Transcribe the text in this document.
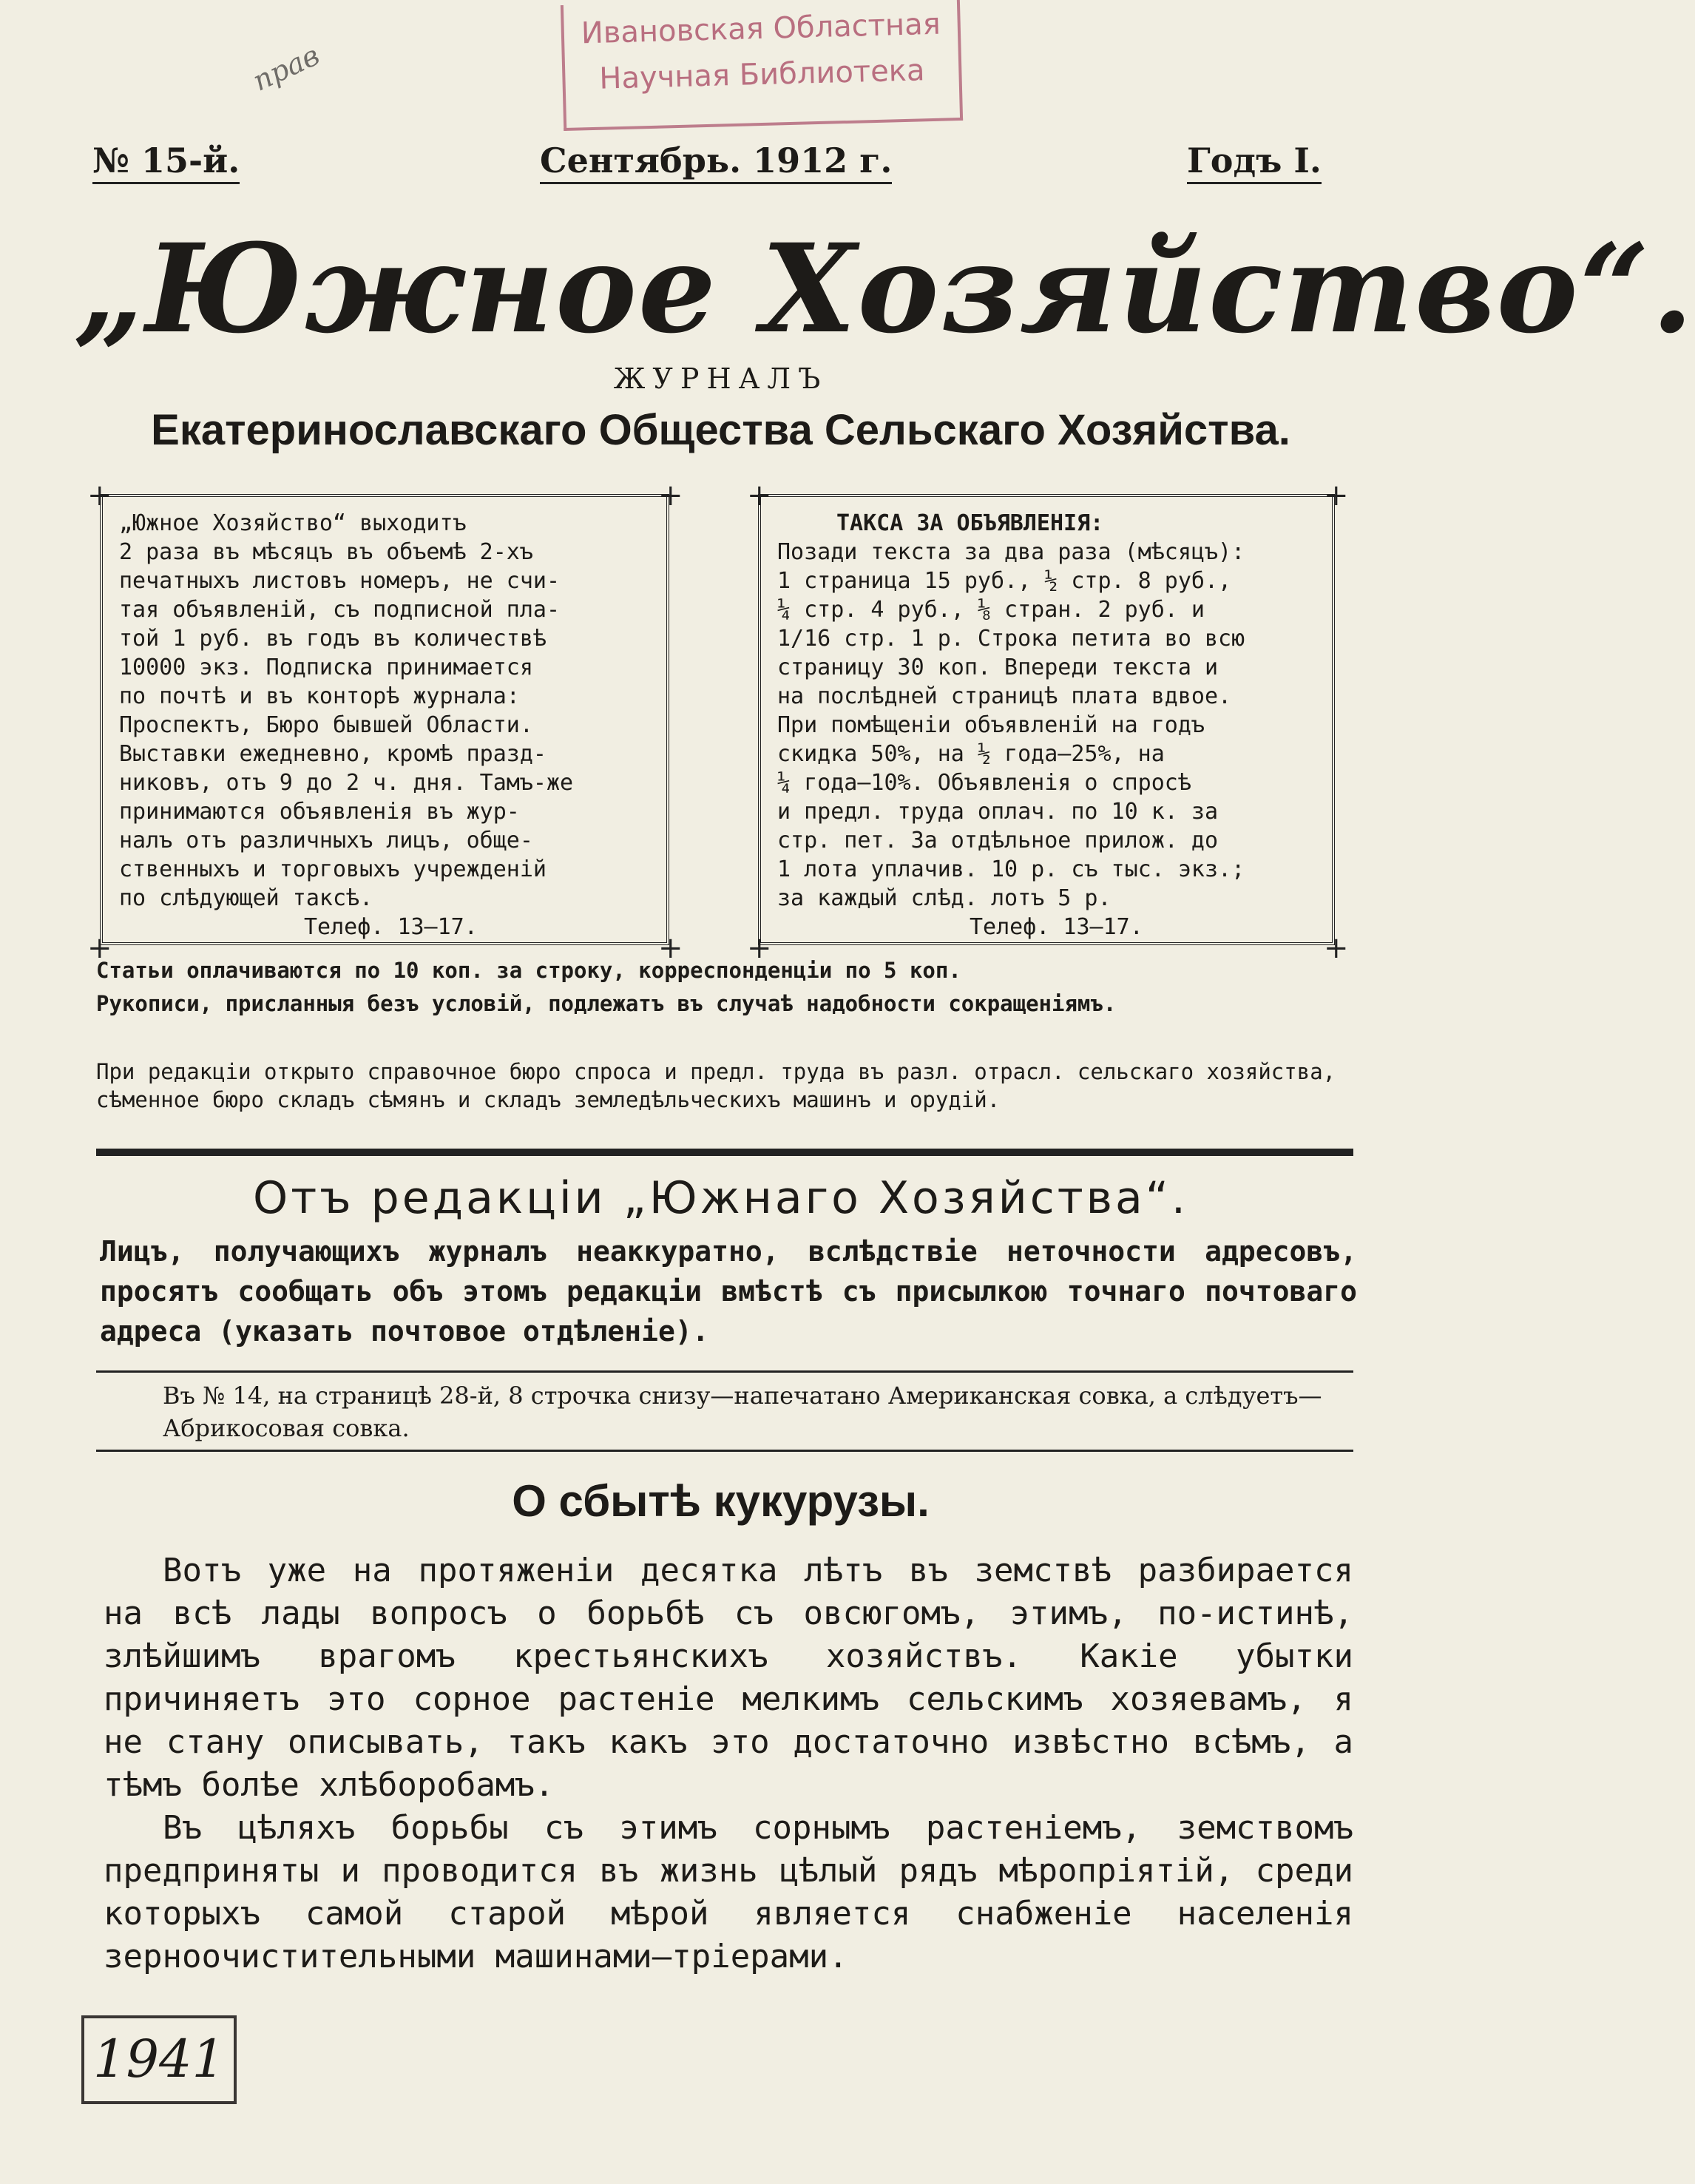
Ивановская Областная
Научная Библиотека
прав
№ 15-й.	Сентябрь. 1912 г.	Годъ I.
„Южное Хозяйство“.
ЖУРНАЛЪ
Екатеринославскаго Общества Сельскаго Хозяйства.
+	+
+	+

„Южное Хозяйство“ выходитъ

2 раза въ мѣсяцъ въ объемѣ 2-хъ

печатныхъ листовъ номеръ, не счи-

тая объявленій, съ подписной пла-

той 1 руб. въ годъ въ количествѣ

10000 экз. Подписка принимается

по почтѣ и въ конторѣ журнала:

Проспектъ, Бюро бывшей Области.

Выставки ежедневно, кромѣ празд-

никовъ, отъ 9 до 2 ч. дня. Тамъ-же

принимаются объявленія въ жур-

налъ отъ различныхъ лицъ, обще-

ственныхъ и торговыхъ учрежденій

по слѣдующей таксѣ.

Телеф. 13—17.

+	+
+	+

ТАКСА ЗА ОБЪЯВЛЕНІЯ:

Позади текста за два раза (мѣсяцъ):

1 страница 15 руб., ½ стр. 8 руб.,

¼ стр. 4 руб., ⅛ стран. 2 руб. и

1/16 стр. 1 р. Строка петита во всю

страницу 30 коп. Впереди текста и

на послѣдней страницѣ плата вдвое.

При помѣщеніи объявленій на годъ

скидка 50%, на ½ года—25%, на

¼ года—10%. Объявленія о спросѣ

и предл. труда оплач. по 10 к. за

стр. пет. За отдѣльное прилож. до

1 лота уплачив. 10 р. съ тыс. экз.;

за каждый слѣд. лотъ 5 р.

Телеф. 13—17.

Статьи оплачиваются по 10 коп. за строку, корреспонденціи по 5 коп.
Рукописи, присланныя безъ условій, подлежатъ въ случаѣ надобности сокращеніямъ.
При редакціи открыто справочное бюро спроса и предл. труда въ разл. отрасл. сельскаго хозяйства, сѣменное бюро складъ сѣмянъ и складъ земледѣльческихъ машинъ и орудій.
Отъ редакціи „Южнаго Хозяйства“.
Лицъ, получающихъ журналъ неаккуратно, вслѣдствіе неточности адресовъ, просятъ сообщать объ этомъ редакціи вмѣстѣ съ присылкою точнаго почтоваго адреса (указать почтовое отдѣленіе).
Въ № 14, на страницѣ 28-й, 8 строчка снизу—напечатано Американская совка, а слѣдуетъ—Абрикосовая совка.
О сбытѣ кукурузы.

Вотъ уже на протяженіи десятка лѣтъ въ земствѣ разбирается на всѣ лады вопросъ о борьбѣ съ овсюгомъ, этимъ, по-истинѣ, злѣйшимъ врагомъ крестьянскихъ хозяйствъ. Какіе убытки причиняетъ это сорное растеніе мелкимъ сельскимъ хозяевамъ, я не стану описывать, такъ какъ это достаточно извѣстно всѣмъ, а тѣмъ болѣе хлѣборобамъ.

Въ цѣляхъ борьбы съ этимъ сорнымъ растеніемъ, земствомъ предприняты и проводится въ жизнь цѣлый рядъ мѣропріятій, среди которыхъ самой старой мѣрой является снабженіе населенія зерноочистительными машинами—тріерами.

1941
